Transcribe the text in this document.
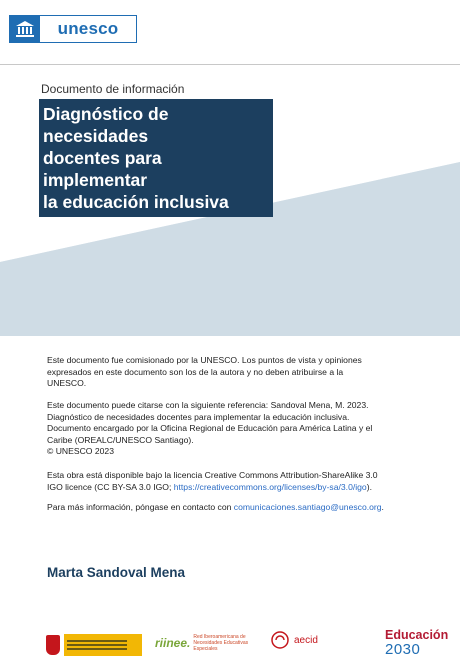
unesco
Documento de información
Diagnóstico de necesidades
docentes para implementar
la educación inclusiva
Este documento fue comisionado por la UNESCO. Los puntos de vista y opiniones
expresados en este documento son los de la autora y no deben atribuirse a la
UNESCO.
Este documento puede citarse con la siguiente referencia: Sandoval Mena, M. 2023.
Diagnóstico de necesidades docentes para implementar la educación inclusiva.
Documento encargado por la Oficina Regional de Educación para América Latina y el
Caribe (OREALC/UNESCO Santiago).
© UNESCO 2023
Esta obra está disponible bajo la licencia Creative Commons Attribution-ShareAlike 3.0
IGO licence (CC BY-SA 3.0 IGO; https://creativecommons.org/licenses/by-sa/3.0/igo).
Para más información, póngase en contacto con comunicaciones.santiago@unesco.org.
Marta Sandoval Mena
riinee. Red Iberoamericana de Necesidades Educativas Especiales
aecid	Educación
2030
